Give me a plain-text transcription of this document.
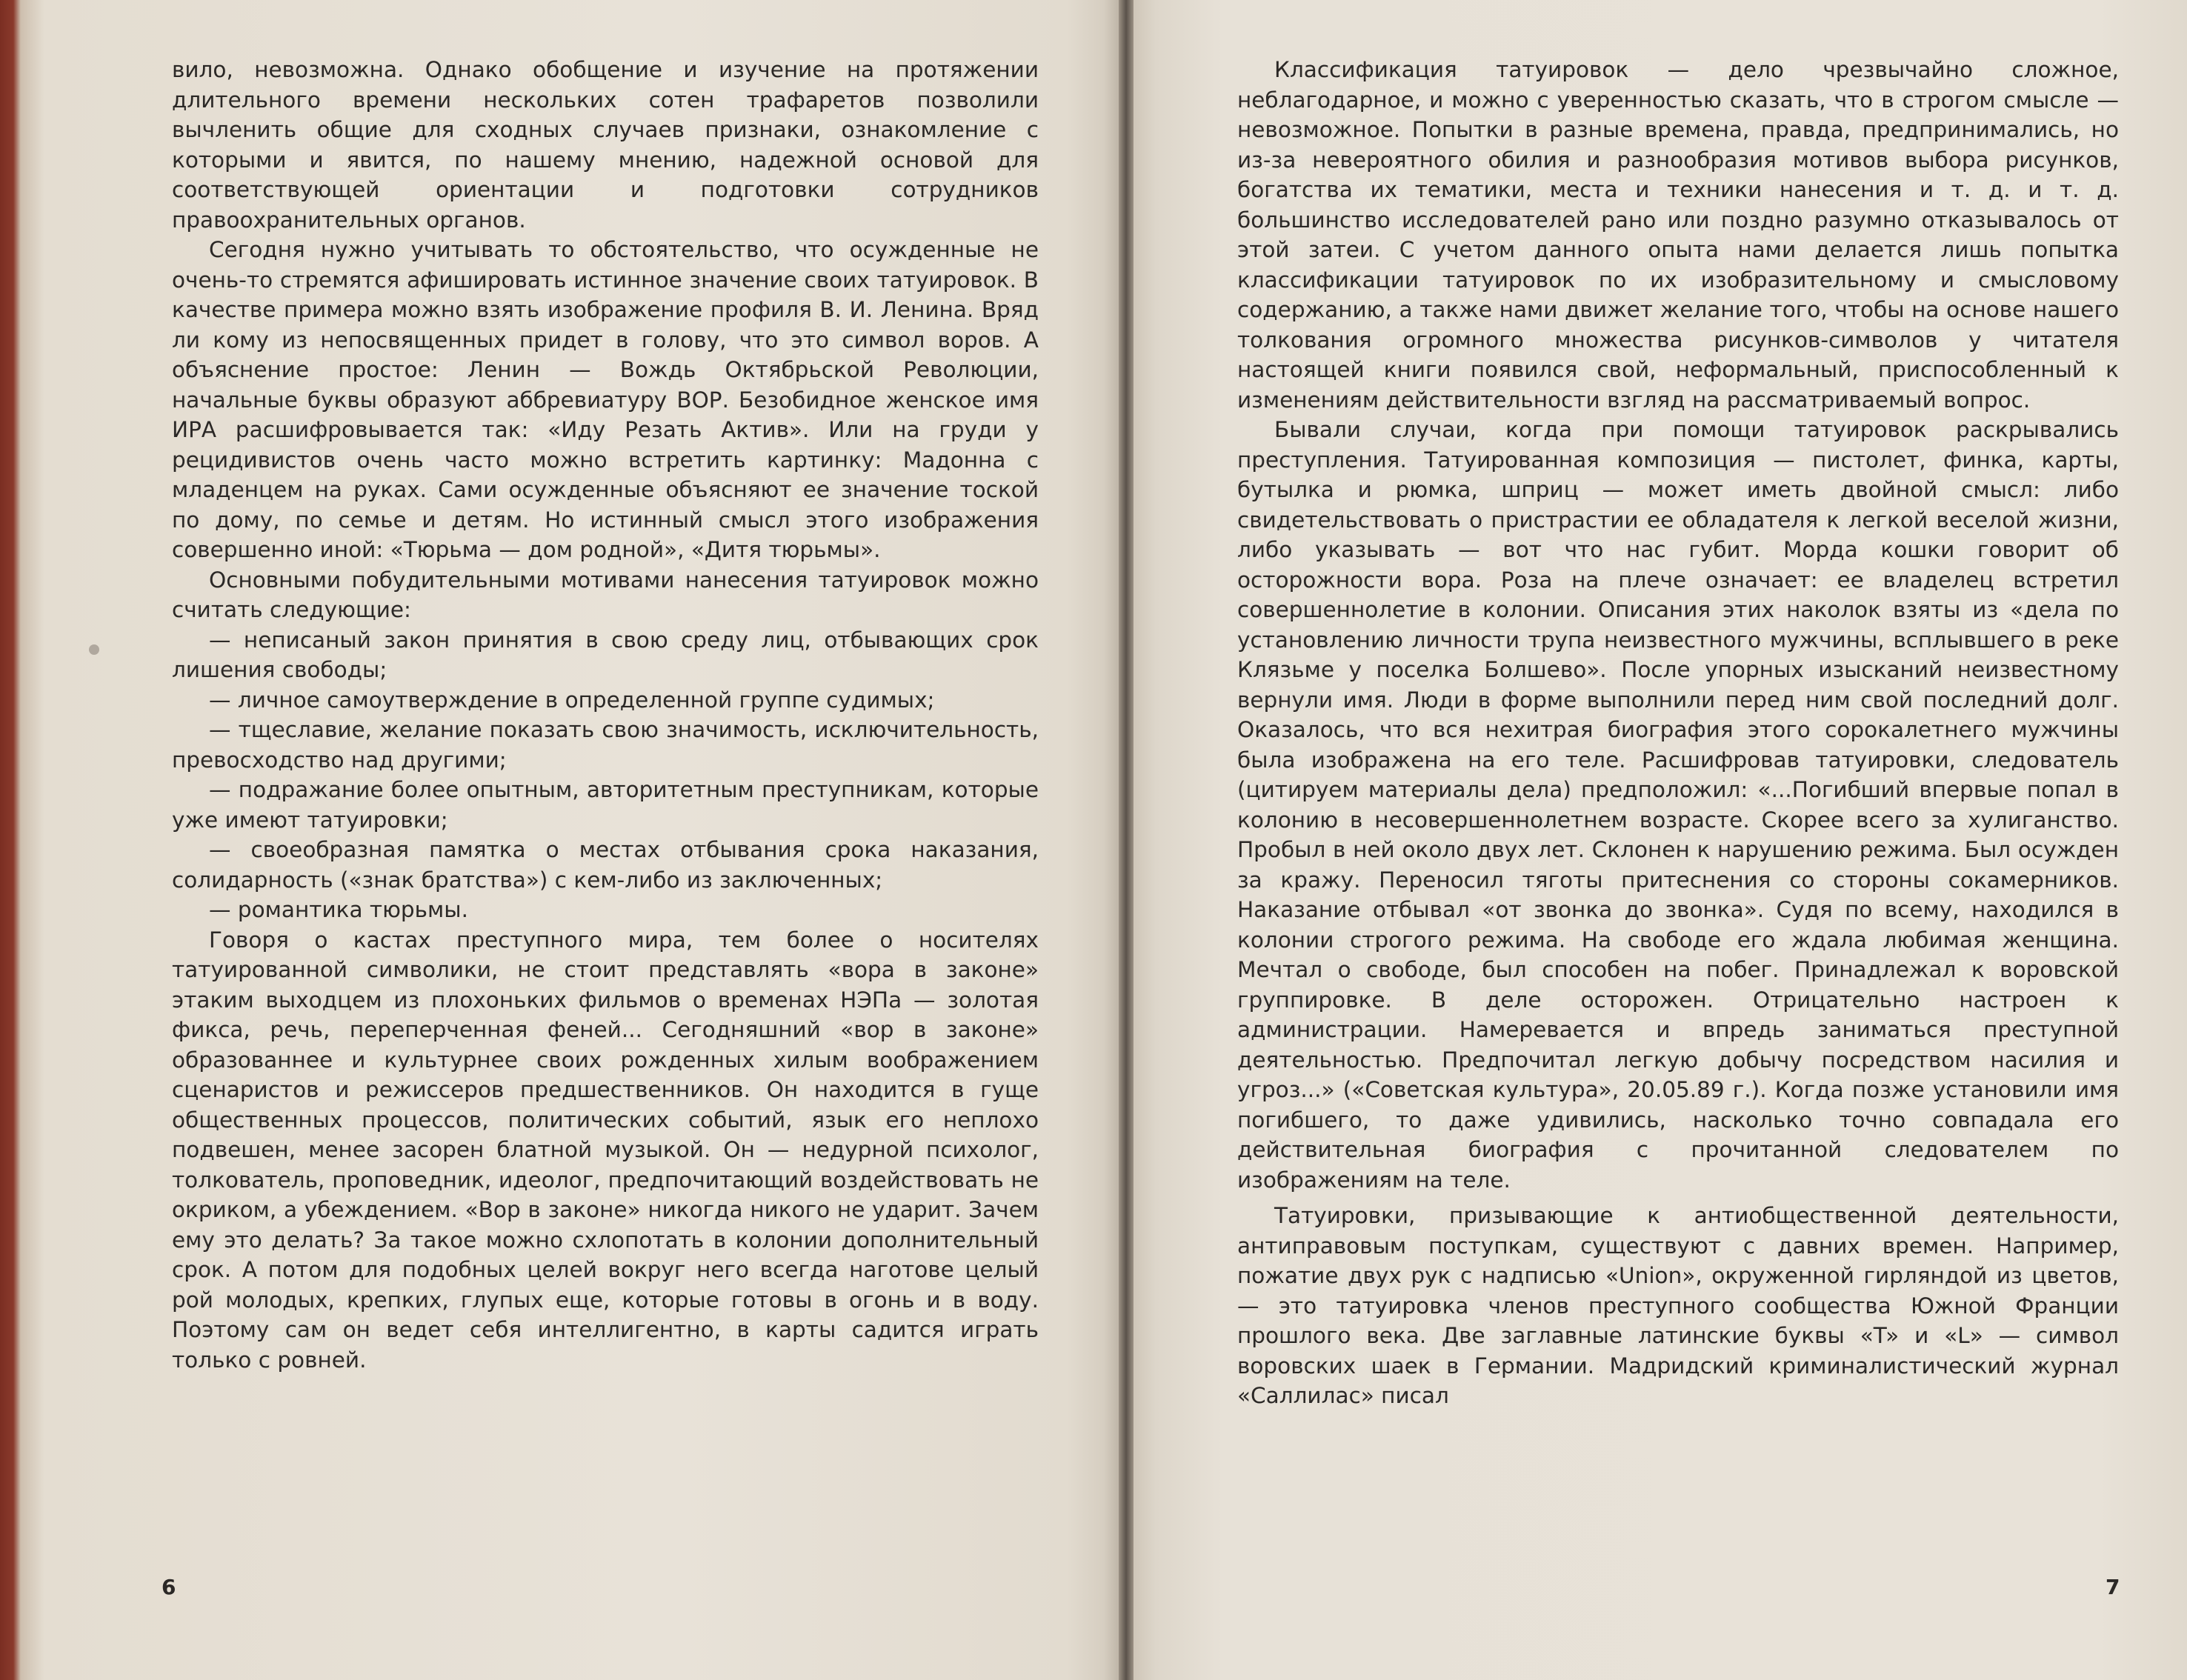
вило, невозможна. Однако обобщение и изучение на протяжении длительного времени нескольких сотен трафаретов позволили вычленить общие для сходных случаев признаки, ознакомление с которыми и явится, по нашему мнению, надежной основой для соответствующей ориентации и подготовки сотрудников правоохранительных органов.

Сегодня нужно учитывать то обстоятельство, что осужденные не очень-то стремятся афишировать истинное значение своих татуировок. В качестве примера можно взять изображение профиля В. И. Ленина. Вряд ли кому из непосвященных придет в голову, что это символ воров. А объяснение простое: Ленин — Вождь Октябрьской Революции, начальные буквы образуют аббревиатуру ВОР. Безобидное женское имя ИРА расшифровывается так: «Иду Резать Актив». Или на груди у рецидивистов очень часто можно встретить картинку: Мадонна с младенцем на руках. Сами осужденные объясняют ее значение тоской по дому, по семье и детям. Но истинный смысл этого изображения совершенно иной: «Тюрьма — дом родной», «Дитя тюрьмы».

Основными побудительными мотивами нанесения татуировок можно считать следующие:

— неписаный закон принятия в свою среду лиц, отбывающих срок лишения свободы;

— личное самоутверждение в определенной группе судимых;

— тщеславие, желание показать свою значимость, исключительность, превосходство над другими;

— подражание более опытным, авторитетным преступникам, которые уже имеют татуировки;

— своеобразная памятка о местах отбывания срока наказания, солидарность («знак братства») с кем-либо из заключенных;

— романтика тюрьмы.

Говоря о кастах преступного мира, тем более о носителях татуированной символики, не стоит представлять «вора в законе» этаким выходцем из плохоньких фильмов о временах НЭПа — золотая фикса, речь, переперченная феней... Сегодняшний «вор в законе» образованнее и культурнее своих рожденных хилым воображением сценаристов и режиссеров предшественников. Он находится в гуще общественных процессов, политических событий, язык его неплохо подвешен, менее засорен блатной музыкой. Он — недурной психолог, толкователь, проповедник, идеолог, предпочитающий воздействовать не окриком, а убеждением. «Вор в законе» никогда никого не ударит. Зачем ему это делать? За такое можно схлопотать в колонии дополнительный срок. А потом для подобных целей вокруг него всегда наготове целый рой молодых, крепких, глупых еще, которые готовы в огонь и в воду. Поэтому сам он ведет себя интеллигентно, в карты садится играть только с ровней.

6

Классификация татуировок — дело чрезвычайно сложное, неблагодарное, и можно с уверенностью сказать, что в строгом смысле — невозможное. Попытки в разные времена, правда, предпринимались, но из-за невероятного обилия и разнообразия мотивов выбора рисунков, богатства их тематики, места и техники нанесения и т. д. и т. д. большинство исследователей рано или поздно разумно отказывалось от этой затеи. С учетом данного опыта нами делается лишь попытка классификации татуировок по их изобразительному и смысловому содержанию, а также нами движет желание того, чтобы на основе нашего толкования огромного множества рисунков-символов у читателя настоящей книги появился свой, неформальный, приспособленный к изменениям действительности взгляд на рассматриваемый вопрос.

Бывали случаи, когда при помощи татуировок раскрывались преступления. Татуированная композиция — пистолет, финка, карты, бутылка и рюмка, шприц — может иметь двойной смысл: либо свидетельствовать о пристрастии ее обладателя к легкой веселой жизни, либо указывать — вот что нас губит. Морда кошки говорит об осторожности вора. Роза на плече означает: ее владелец встретил совершеннолетие в колонии. Описания этих наколок взяты из «дела по установлению личности трупа неизвестного мужчины, всплывшего в реке Клязьме у поселка Болшево». После упорных изысканий неизвестному вернули имя. Люди в форме выполнили перед ним свой последний долг. Оказалось, что вся нехитрая биография этого сорокалетнего мужчины была изображена на его теле. Расшифровав татуировки, следователь (цитируем материалы дела) предположил: «...Погибший впервые попал в колонию в несовершеннолетнем возрасте. Скорее всего за хулиганство. Пробыл в ней около двух лет. Склонен к нарушению режима. Был осужден за кражу. Переносил тяготы притеснения со стороны сокамерников. Наказание отбывал «от звонка до звонка». Судя по всему, находился в колонии строгого режима. На свободе его ждала любимая женщина. Мечтал о свободе, был способен на побег. Принадлежал к воровской группировке. В деле осторожен. Отрицательно настроен к администрации. Намеревается и впредь заниматься преступной деятельностью. Предпочитал легкую добычу посредством насилия и угроз...» («Советская культура», 20.05.89 г.). Когда позже установили имя погибшего, то даже удивились, насколько точно совпадала его действительная биография с прочитанной следователем по изображениям на теле.

Татуировки, призывающие к антиобщественной деятельности, антиправовым поступкам, существуют с давних времен. Например, пожатие двух рук с надписью «Union», окруженной гирляндой из цветов,— это татуировка членов преступного сообщества Южной Франции прошлого века. Две заглавные латинские буквы «T» и «L» — символ воровских шаек в Германии. Мадридский криминалистический журнал «Саллилас» писал

7
